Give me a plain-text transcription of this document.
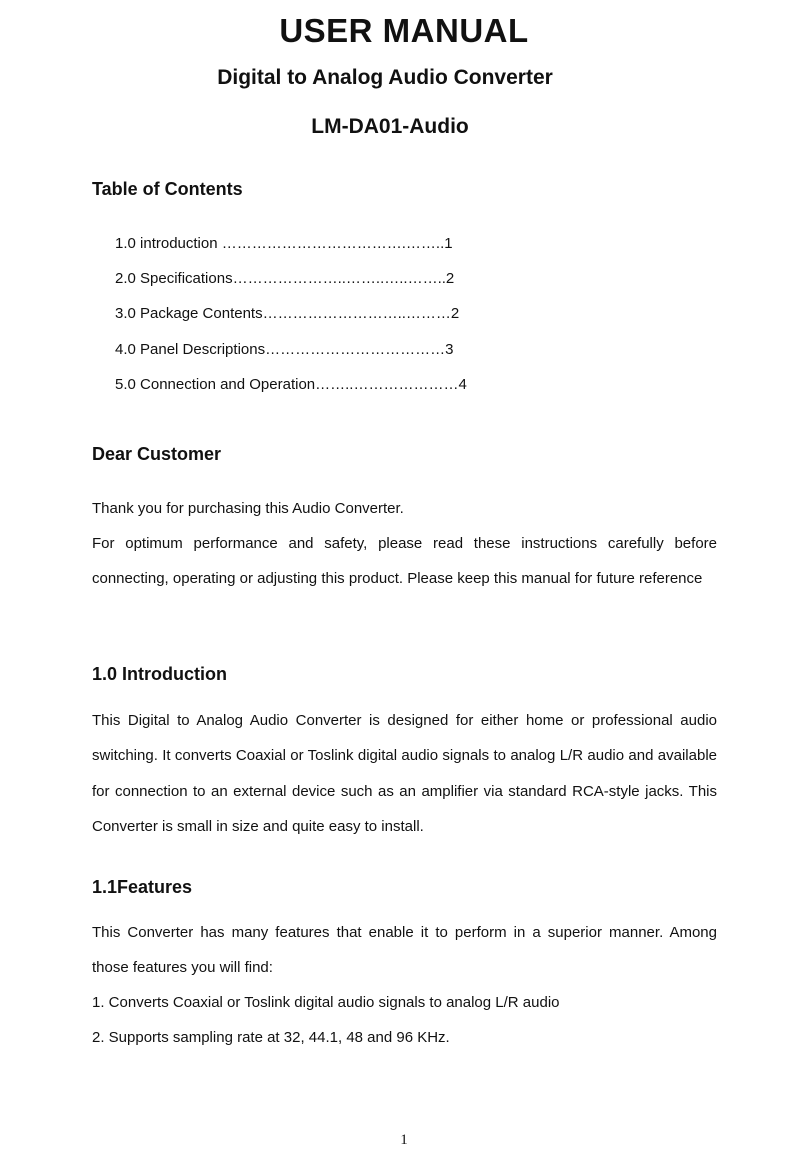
USER MANUAL
Digital to Analog Audio Converter
LM-DA01-Audio
Table of Contents
1.0 introduction ……………………………….……..1
2.0 Specifications…………………..……..…..……..2
3.0 Package Contents………………………..………2
4.0 Panel Descriptions………………………………3
5.0 Connection and Operation……..…………………4
Dear Customer
Thank you for purchasing this Audio Converter.

For optimum performance and safety, please read these instructions carefully before connecting, operating or adjusting this product. Please keep this manual for future reference

1.0 Introduction

This Digital to Analog Audio Converter is designed for either home or professional audio switching. It converts Coaxial or Toslink digital audio signals to analog L/R audio and available for connection to an external device such as an amplifier via standard RCA-style jacks. This Converter is small in size and quite easy to install.

1.1Features

This Converter has many features that enable it to perform in a superior manner. Among those features you will find:

1. Converts Coaxial or Toslink digital audio signals to analog L/R audio
2. Supports sampling rate at 32, 44.1, 48 and 96 KHz.
1
